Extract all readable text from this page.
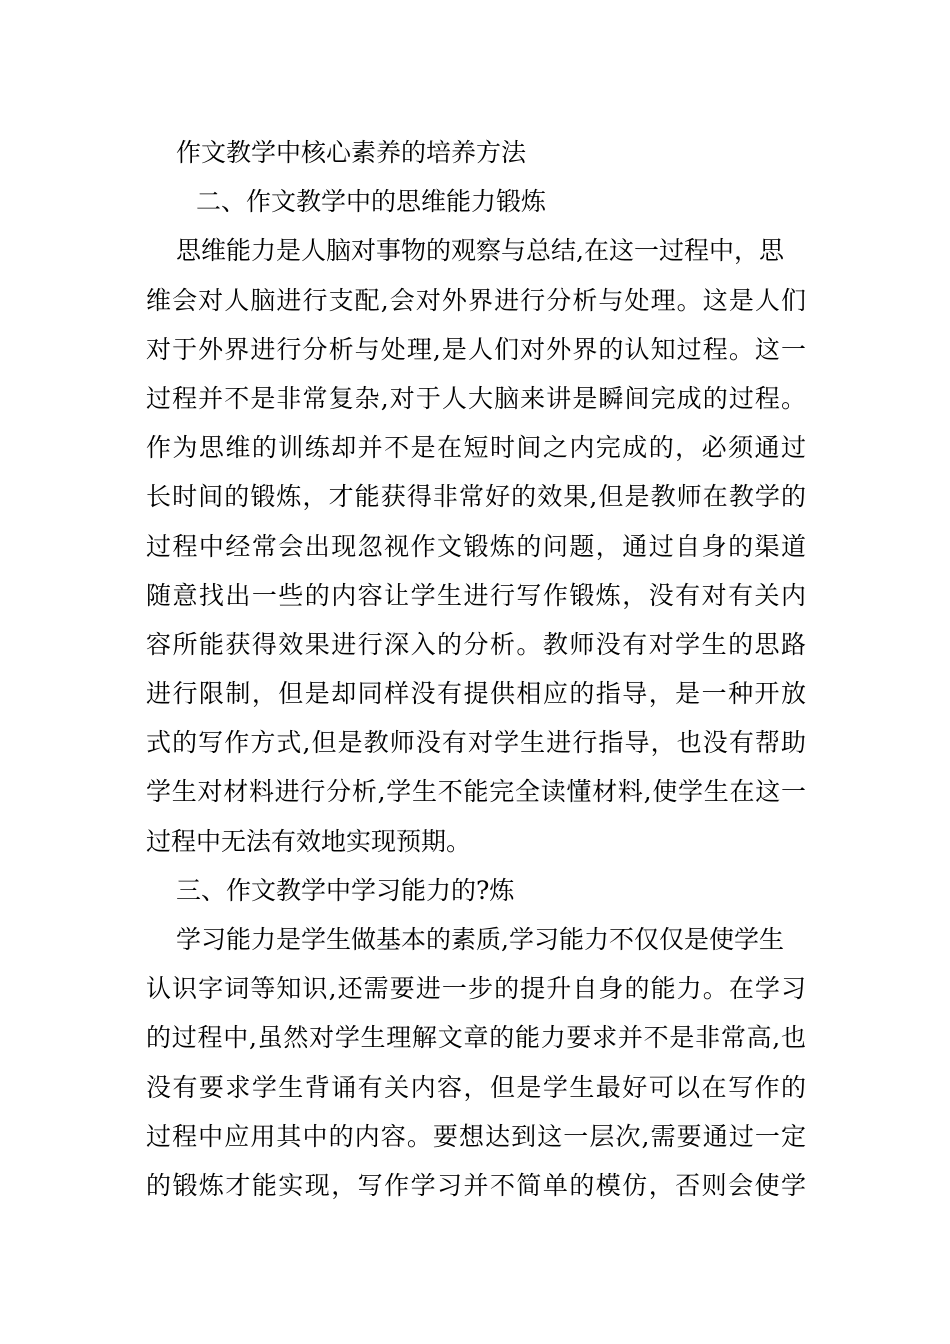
作文教学中核心素养的培养方法
二、作文教学中的思维能力锻炼
思维能力是人脑对事物的观察与总结,在这一过程中，思
维会对人脑进行支配,会对外界进行分析与处理。这是人们
对于外界进行分析与处理,是人们对外界的认知过程。这一
过程并不是非常复杂,对于人大脑来讲是瞬间完成的过程。
作为思维的训练却并不是在短时间之内完成的，必须通过
长时间的锻炼，才能获得非常好的效果,但是教师在教学的
过程中经常会出现忽视作文锻炼的问题，通过自身的渠道
随意找出一些的内容让学生进行写作锻炼，没有对有关内
容所能获得效果进行深入的分析。教师没有对学生的思路
进行限制，但是却同样没有提供相应的指导，是一种开放
式的写作方式,但是教师没有对学生进行指导，也没有帮助
学生对材料进行分析,学生不能完全读懂材料,使学生在这一
过程中无法有效地实现预期。
三、作文教学中学习能力的?炼
学习能力是学生做基本的素质,学习能力不仅仅是使学生
认识字词等知识,还需要进一步的提升自身的能力。在学习
的过程中,虽然对学生理解文章的能力要求并不是非常高,也
没有要求学生背诵有关内容，但是学生最好可以在写作的
过程中应用其中的内容。要想达到这一层次,需要通过一定
的锻炼才能实现，写作学习并不简单的模仿，否则会使学
